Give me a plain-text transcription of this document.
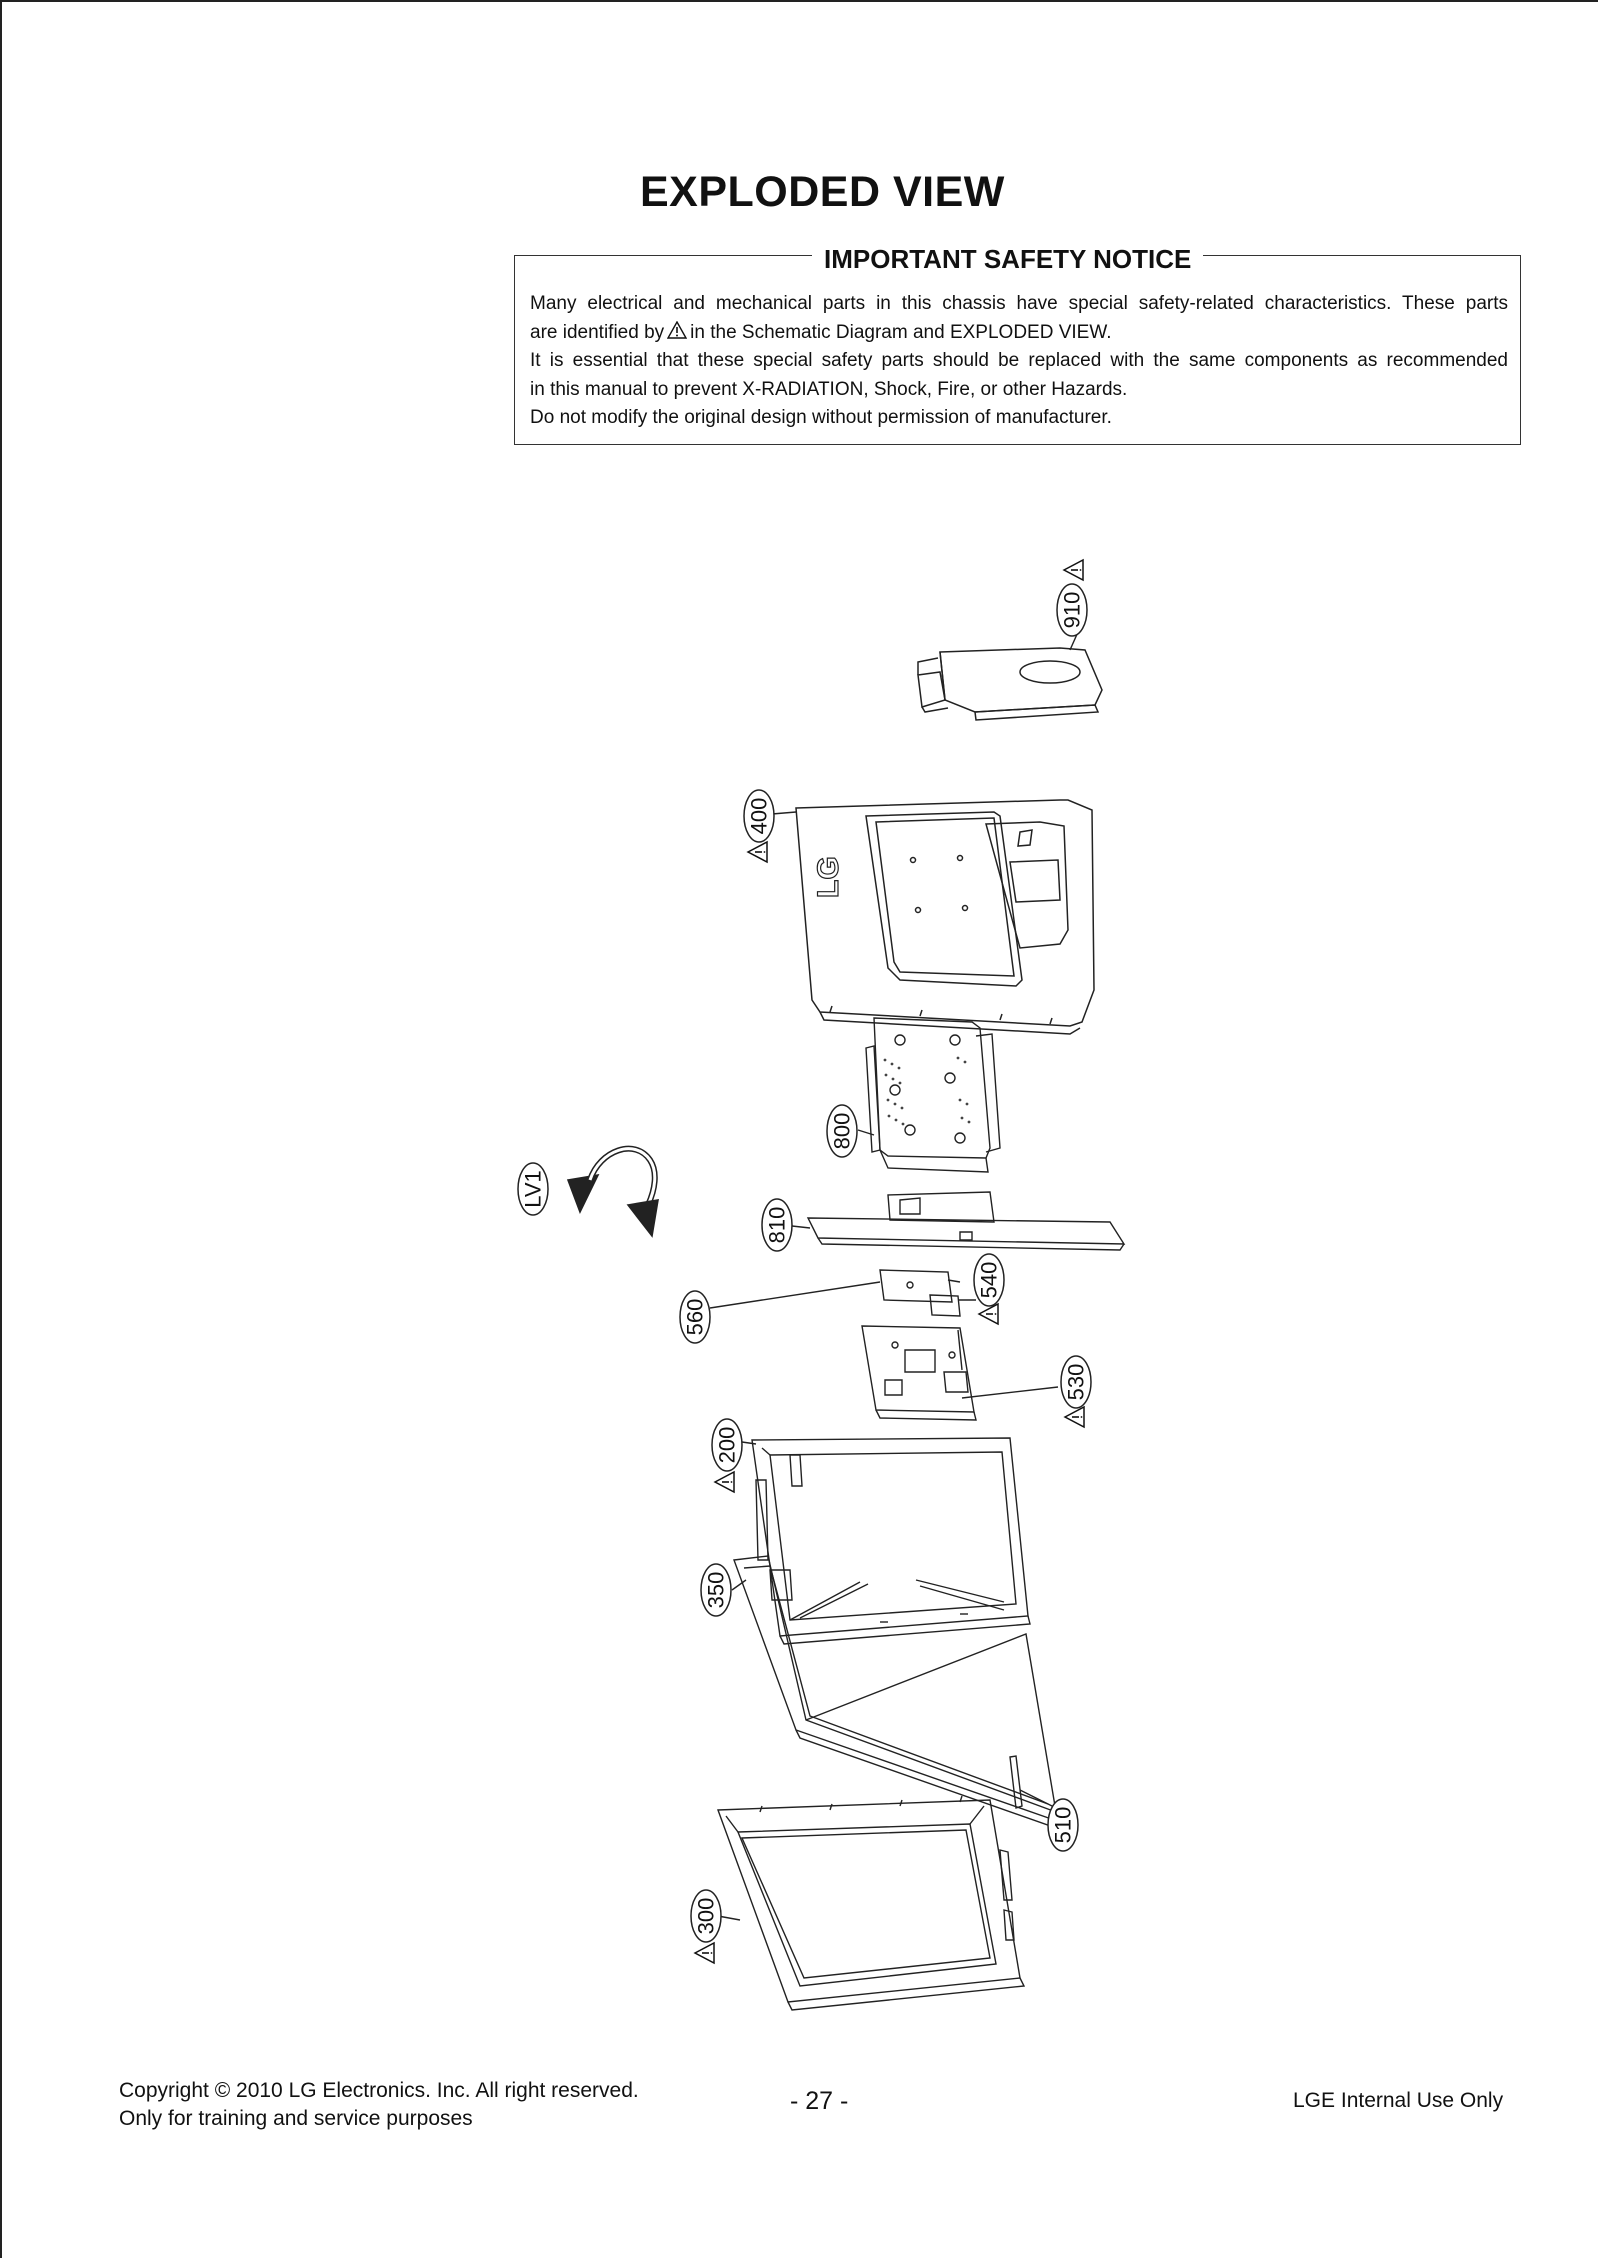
EXPLODED VIEW
IMPORTANT SAFETY NOTICE
Many electrical and mechanical parts in this chassis have special safety-related characteristics. These parts
are identified by in the Schematic Diagram and EXPLODED VIEW.
It is essential that these special safety parts should be replaced with the same components as recommended
in this manual to prevent X-RADIATION, Shock, Fire, or other Hazards.
Do not modify the original design without permission of manufacturer.
LG
910
400
800
LV1
810
540
560
530
200
350
510
300
Copyright © 2010 LG Electronics. Inc. All right reserved.
Only for training and service purposes
- 27 -	LGE Internal Use Only
